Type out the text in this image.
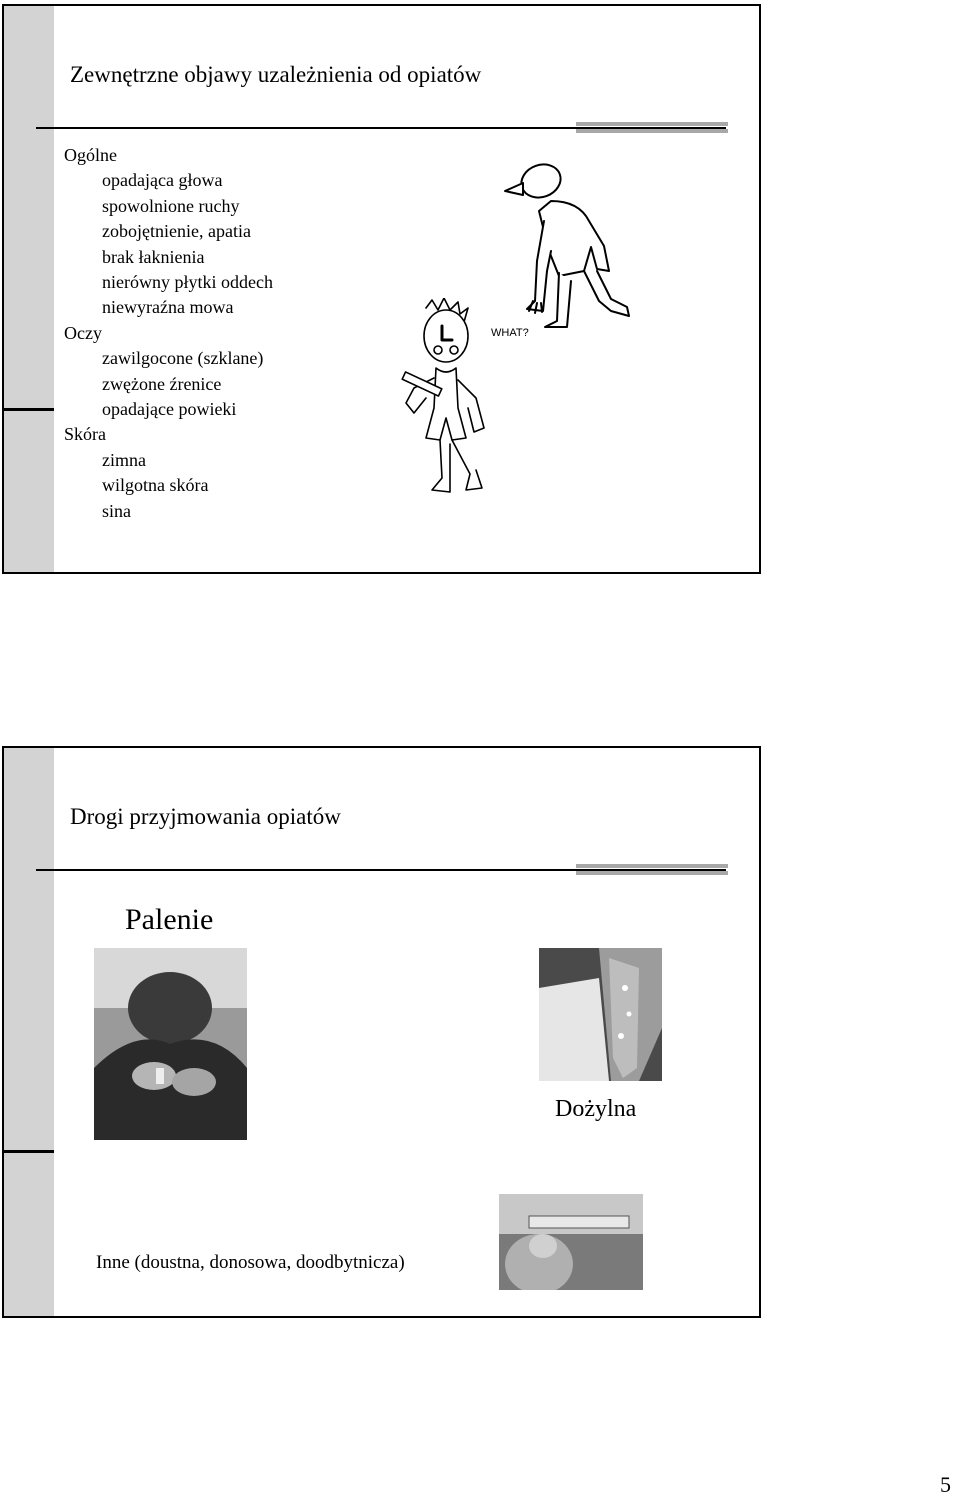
Zewnętrzne objawy uzależnienia od opiatów
Ogólne
opadająca głowa
spowolnione ruchy
zobojętnienie, apatia
brak łaknienia
nierówny płytki oddech
niewyraźna mowa
Oczy
zawilgocone (szklane)
zwężone źrenice
opadające powieki
Skóra
zimna
wilgotna skóra
sina
WHAT?
Drogi przyjmowania opiatów
Palenie
Dożylna
Inne (doustna, donosowa, doodbytnicza)
5
